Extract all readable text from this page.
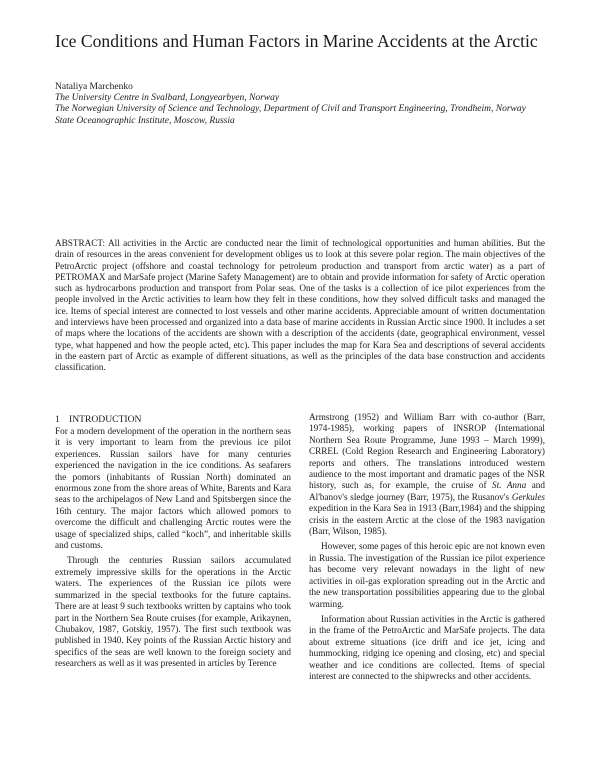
Ice Conditions and Human Factors in Marine Accidents at the Arctic

Nataliya Marchenko

The University Centre in Svalbard, Longyearbyen, Norway

The Norwegian University of Science and Technology, Department of Civil and Transport Engineering, Trondheim, Norway

State Oceanographic Institute, Moscow, Russia

ABSTRACT: All activities in the Arctic are conducted near the limit of technological opportunities and human abilities. But the drain of resources in the areas convenient for development obliges us to look at this severe polar region. The main objectives of the PetroArctic project (offshore and coastal technology for petroleum production and transport from arctic water) as a part of PETROMAX and MarSafe project (Marine Safety Management) are to obtain and provide information for safety of Arctic operation such as hydrocarbons production and transport from Polar seas. One of the tasks is a collection of ice pilot experiences from the people involved in the Arctic activities to learn how they felt in these conditions, how they solved difficult tasks and managed the ice. Items of special interest are connected to lost vessels and other marine accidents. Appreciable amount of written documentation and interviews have been processed and organized into a data base of marine accidents in Russian Arctic since 1900. It includes a set of maps where the locations of the accidents are shown with a description of the accidents (date, geographical environment, vessel type, what happened and how the people acted, etc). This paper includes the map for Kara Sea and descriptions of several accidents in the eastern part of Arctic as example of different situations, as well as the principles of the data base construction and accidents classification.

1 INTRODUCTION

For a modern development of the operation in the northern seas it is very important to learn from the previous ice pilot experiences. Russian sailors have for many centuries experienced the navigation in the ice conditions. As seafarers the pomors (inhabitants of Russian North) dominated an enormous zone from the shore areas of White, Barents and Kara seas to the archipelagos of New Land and Spitsbergen since the 16th century. The major factors which allowed pomors to overcome the difficult and challenging Arctic routes were the usage of specialized ships, called “koch”, and inheritable skills and customs.

Through the centuries Russian sailors accumulated extremely impressive skills for the operations in the Arctic waters. The experiences of the Russian ice pilots were summarized in the special textbooks for the future captains. There are at least 9 such textbooks written by captains who took part in the Northern Sea Route cruises (for example, Arikaynen, Chubakov, 1987, Gotskiy, 1957). The first such textbook was published in 1940. Key points of the Russian Arctic history and specifics of the seas are well known to the foreign society and researchers as well as it was presented in articles by Terence

Armstrong (1952) and William Barr with co-author (Barr, 1974-1985), working papers of INSROP (International Northern Sea Route Programme, June 1993 – March 1999), CRREL (Cold Region Research and Engineering Laboratory) reports and others. The translations introduced western audience to the most important and dramatic pages of the NSR history, such as, for example, the cruise of St. Anna and Al'banov's sledge journey (Barr, 1975), the Rusanov's Gerkules expedition in the Kara Sea in 1913 (Barr,1984) and the shipping crisis in the eastern Arctic at the close of the 1983 navigation (Barr, Wilson, 1985).

However, some pages of this heroic epic are not known even in Russia. The investigation of the Russian ice pilot experience has become very relevant nowadays in the light of new activities in oil-gas exploration spreading out in the Arctic and the new transportation possibilities appearing due to the global warming.

Information about Russian activities in the Arctic is gathered in the frame of the PetroArctic and MarSafe projects. The data about extreme situations (ice drift and ice jet, icing and hummocking, ridging ice opening and closing, etc) and special weather and ice conditions are collected. Items of special interest are connected to the shipwrecks and other accidents.
